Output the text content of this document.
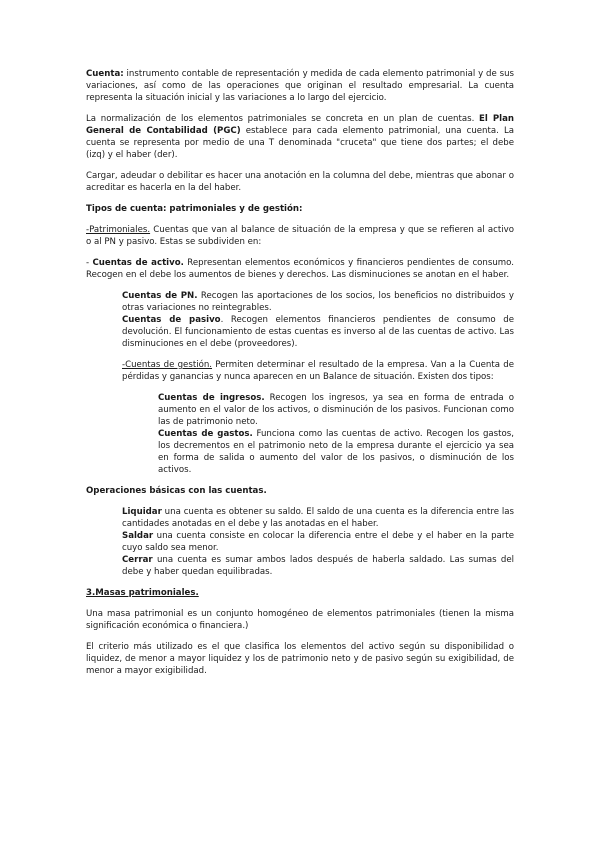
Cuenta: instrumento contable de representación y medida de cada elemento patrimonial y de sus variaciones, así como de las operaciones que originan el resultado empresarial. La cuenta representa la situación inicial y las variaciones a lo largo del ejercicio.

La normalización de los elementos patrimoniales se concreta en un plan de cuentas. El Plan General de Contabilidad (PGC) establece para cada elemento patrimonial, una cuenta. La cuenta se representa por medio de una T denominada "cruceta" que tiene dos partes; el debe (izq) y el haber (der).

Cargar, adeudar o debilitar es hacer una anotación en la columna del debe, mientras que abonar o acreditar es hacerla en la del haber.

Tipos de cuenta: patrimoniales y de gestión:

-Patrimoniales. Cuentas que van al balance de situación de la empresa y que se refieren al activo o al PN y pasivo. Estas se subdividen en:

- Cuentas de activo. Representan elementos económicos y financieros pendientes de consumo. Recogen en el debe los aumentos de bienes y derechos. Las disminuciones se anotan en el haber.

Cuentas de PN. Recogen las aportaciones de los socios, los beneficios no distribuidos y otras variaciones no reintegrables.

Cuentas de pasivo. Recogen elementos financieros pendientes de consumo de devolución. El funcionamiento de estas cuentas es inverso al de las cuentas de activo. Las disminuciones en el debe (proveedores).

-Cuentas de gestión. Permiten determinar el resultado de la empresa. Van a la Cuenta de pérdidas y ganancias y nunca aparecen en un Balance de situación. Existen dos tipos:

Cuentas de ingresos. Recogen los ingresos, ya sea en forma de entrada o aumento en el valor de los activos, o disminución de los pasivos. Funcionan como las de patrimonio neto.

Cuentas de gastos. Funciona como las cuentas de activo. Recogen los gastos, los decrementos en el patrimonio neto de la empresa durante el ejercicio ya sea en forma de salida o aumento del valor de los pasivos, o disminución de los activos.

Operaciones básicas con las cuentas.

Liquidar una cuenta es obtener su saldo. El saldo de una cuenta es la diferencia entre las cantidades anotadas en el debe y las anotadas en el haber.

Saldar una cuenta consiste en colocar la diferencia entre el debe y el haber en la parte cuyo saldo sea menor.

Cerrar una cuenta es sumar ambos lados después de haberla saldado. Las sumas del debe y haber quedan equilibradas.

3.Masas patrimoniales.

Una masa patrimonial es un conjunto homogéneo de elementos patrimoniales (tienen la misma significación económica o financiera.)

El criterio más utilizado es el que clasifica los elementos del activo según su disponibilidad o liquidez, de menor a mayor liquidez y los de patrimonio neto y de pasivo según su exigibilidad, de menor a mayor exigibilidad.
